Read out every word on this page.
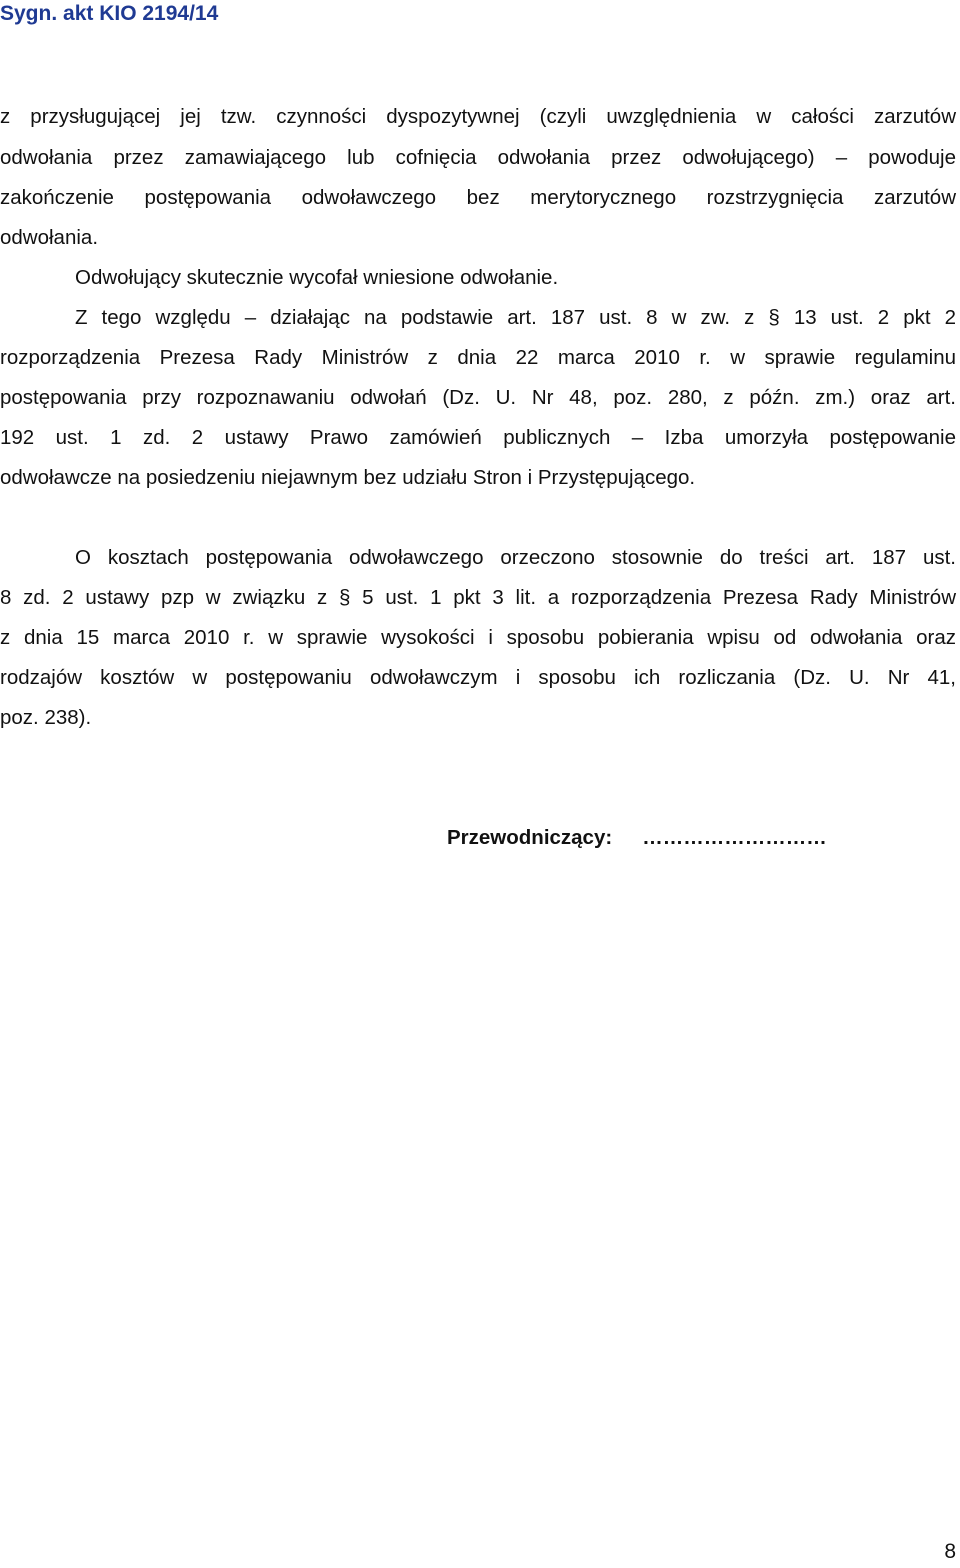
Sygn. akt KIO 2194/14
z przysługującej jej tzw. czynności dyspozytywnej (czyli uwzględnienia w całości zarzutów
odwołania przez zamawiającego lub cofnięcia odwołania przez odwołującego) – powoduje
zakończenie postępowania odwoławczego bez merytorycznego rozstrzygnięcia zarzutów
odwołania.
Odwołujący skutecznie wycofał wniesione odwołanie.
Z tego względu – działając na podstawie art. 187 ust. 8 w zw. z § 13 ust. 2 pkt 2
rozporządzenia Prezesa Rady Ministrów z dnia 22 marca 2010 r. w sprawie regulaminu
postępowania przy rozpoznawaniu odwołań (Dz. U. Nr 48, poz. 280, z późn. zm.) oraz art.
192 ust. 1 zd. 2 ustawy Prawo zamówień publicznych – Izba umorzyła postępowanie
odwoławcze na posiedzeniu niejawnym bez udziału Stron i Przystępującego.
O kosztach postępowania odwoławczego orzeczono stosownie do treści art. 187 ust.
8 zd. 2 ustawy pzp w związku z § 5 ust. 1 pkt 3 lit. a rozporządzenia Prezesa Rady Ministrów
z dnia 15 marca 2010 r. w sprawie wysokości i sposobu pobierania wpisu od odwołania oraz
rodzajów kosztów w postępowaniu odwoławczym i sposobu ich rozliczania (Dz. U. Nr 41,
poz. 238).
Przewodniczący: ………………………
8
